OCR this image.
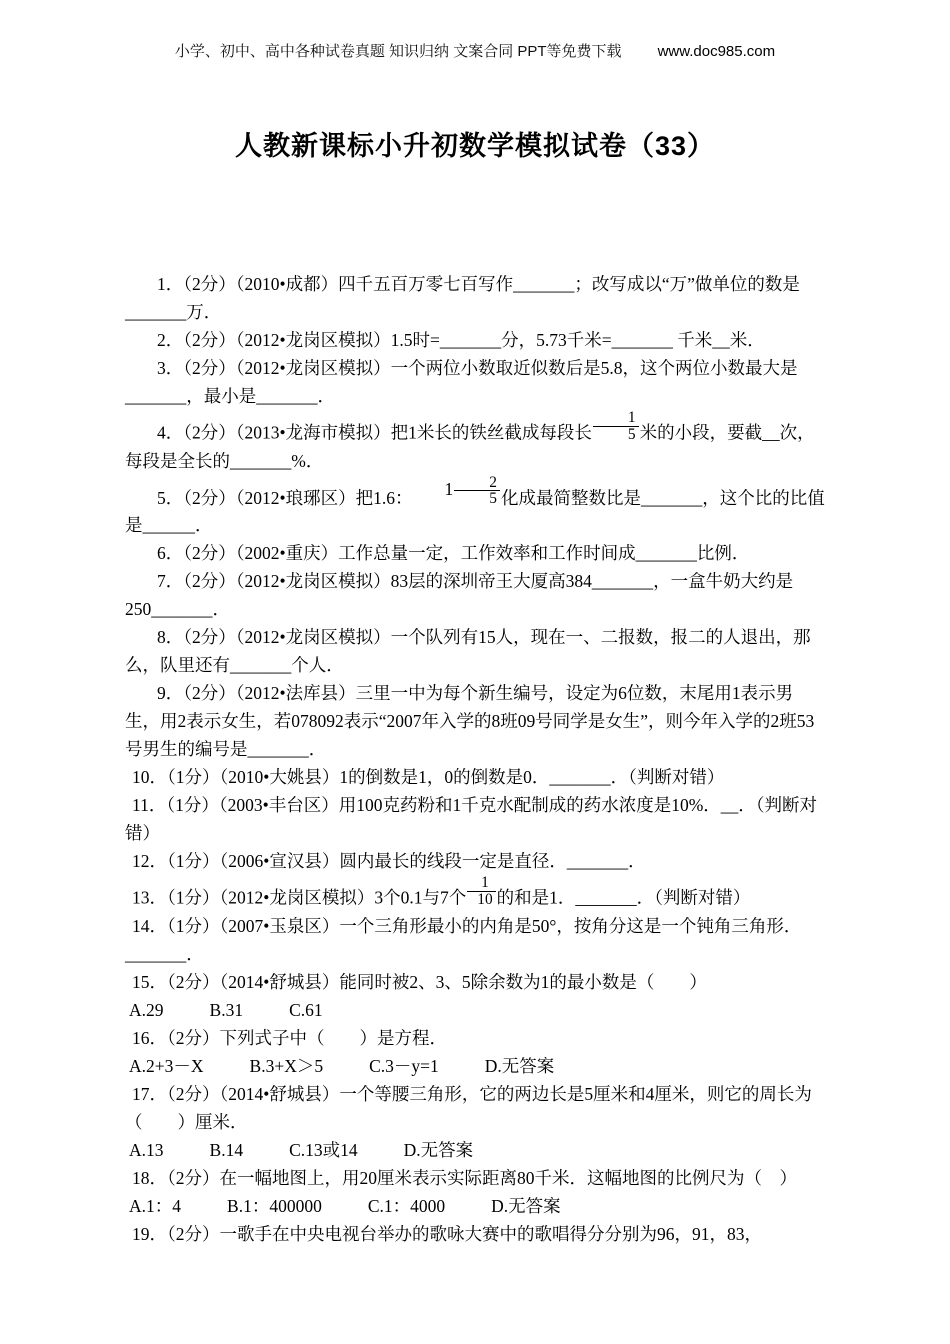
小学、初中、高中各种试卷真题 知识归纳 文案合同 PPT等免费下载 www.doc985.com
人教新课标小升初数学模拟试卷（33）

1．（2分）（2010•成都）四千五百万零七百写作_______；改写成以“万”做单位的数是_______万．

2．（2分）（2012•龙岗区模拟）1.5时=_______分，5.73千米=_______ 千米__米．

3．（2分）（2012•龙岗区模拟）一个两位小数取近似数后是5.8，这个两位小数最大是_______，最小是_______．

4．（2分）（2013•龙海市模拟）把1米长的铁丝截成每段长 $\frac{1}{5}$ 米的小段，要截__次，每段是全长的_______%．

5．（2分）（2012•琅琊区）把1.6： $1 \frac{2}{5}$ 化成最简整数比是_______，这个比的比值是______．

6．（2分）（2002•重庆）工作总量一定，工作效率和工作时间成_______比例．

7．（2分）（2012•龙岗区模拟）83层的深圳帝王大厦高384_______，一盒牛奶大约是250_______．

8．（2分）（2012•龙岗区模拟）一个队列有15人，现在一、二报数，报二的人退出，那么，队里还有_______个人．

9．（2分）（2012•法库县）三里一中为每个新生编号，设定为6位数，末尾用1表示男生，用2表示女生，若078092表示“2007年入学的8班09号同学是女生”，则今年入学的2班53号男生的编号是_______．

10．（1分）（2010•大姚县）1的倒数是1，0的倒数是0．_______．（判断对错）

11．（1分）（2003•丰台区）用100克药粉和1千克水配制成的药水浓度是10%．__．（判断对错）

12．（1分）（2006•宣汉县）圆内最长的线段一定是直径．_______．

13．（1分）（2012•龙岗区模拟）3个0.1与7个 $\frac{1}{10}$ 的和是1．_______．（判断对错）

14．（1分）（2007•玉泉区）一个三角形最小的内角是50°，按角分这是一个钝角三角形．_______．

15．（2分）（2014•舒城县）能同时被2、3、5除余数为1的最小数是（　　）

A.29	B.31	C.61

16．（2分）下列式子中（　　）是方程．

A.2+3－X	B.3+X＞5	C.3－y=1	D.无答案

17．（2分）（2014•舒城县）一个等腰三角形，它的两边长是5厘米和4厘米，则它的周长为（　　）厘米．

A.13	B.14	C.13或14	D.无答案

18．（2分）在一幅地图上，用20厘米表示实际距离80千米．这幅地图的比例尺为（　）

A.1：4	B.1：400000	C.1：4000	D.无答案

19．（2分）一歌手在中央电视台举办的歌咏大赛中的歌唱得分分别为96，91，83，
